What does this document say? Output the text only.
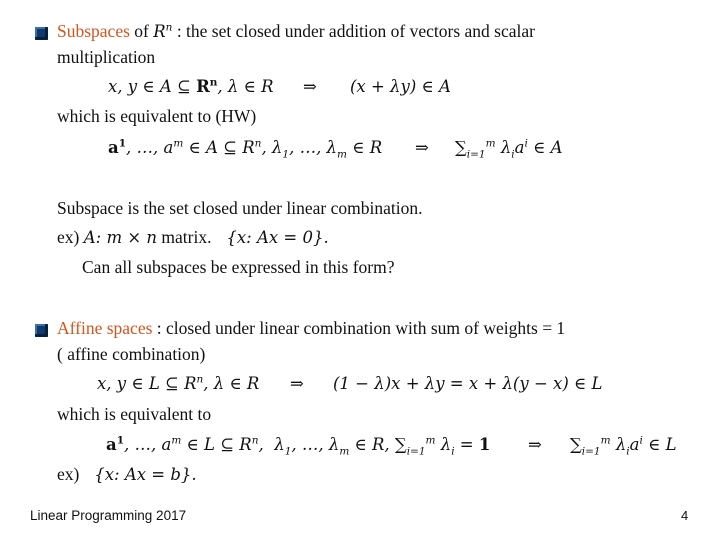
Subspaces of $R^n$ : the set closed under addition of vectors and scalar
multiplication
x, y ∈ A ⊆ $R^n$, λ ∈ R ⇒ (x + λy) ∈ A
which is equivalent to (HW)
$a^1$, …, $a^m$ ∈ A ⊆ $R^n$, $\lambda_1$, …, $\lambda_m$ ∈ R ⇒ $\sum_{i=1}^m$ $\lambda_ia^i$ ∈ A
Subspace is the set closed under linear combination.
ex) A: m × n matrix.   {x: Ax = 0}.
Can all subspaces be expressed in this form?
Affine spaces : closed under linear combination with sum of weights = 1
( affine combination)
x, y ∈ L ⊆ $R^n$, λ ∈ R ⇒ (1 − λ)x + λy = x + λ(y − x) ∈ L
which is equivalent to
$a^1$, …, $a^m$ ∈ L ⊆ $R^n$,  $\lambda_1$, …, $\lambda_m$ ∈ R, $\sum_{i=1}^m$ $\lambda_i = 1$ ⇒ $\sum_{i=1}^m$ $\lambda_ia^i$ ∈ L
ex)   {x: Ax = b}.
Linear Programming 2017	4
